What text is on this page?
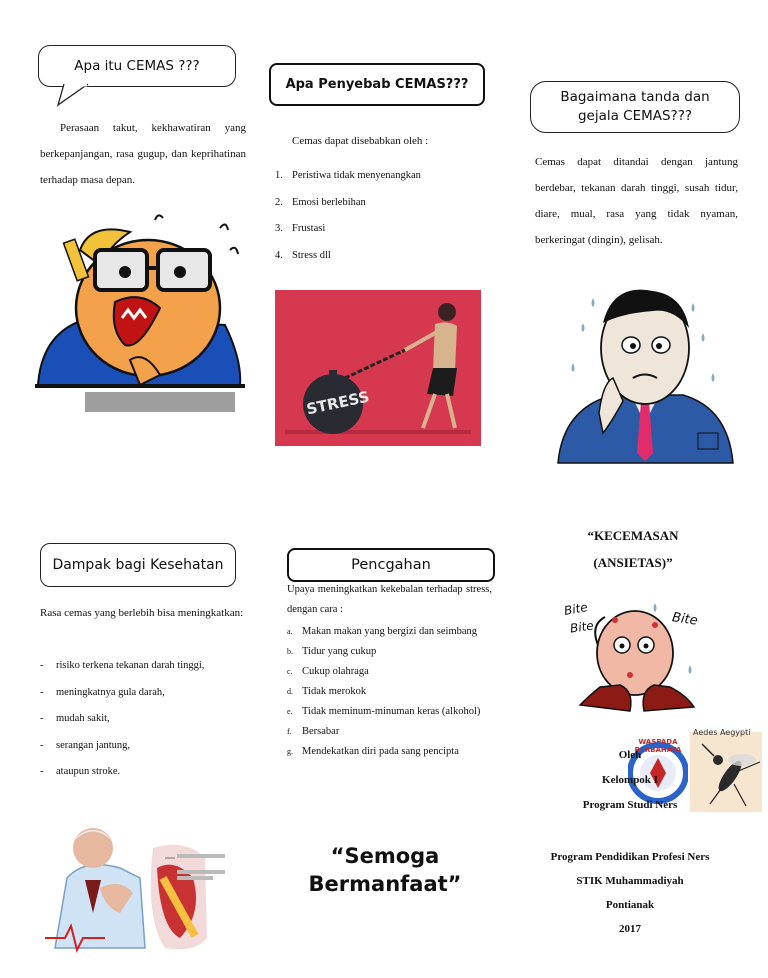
Apa itu CEMAS ???
Perasaan takut, kekhawatiran yang berkepanjangan, rasa gugup, dan keprihatinan terhadap masa depan.
Dampak bagi Kesehatan
Rasa cemas yang berlebih bisa meningkatkan:
- risiko terkena tekanan darah tinggi,
- meningkatnya gula darah,
- mudah sakit,
- serangan jantung,
- ataupun stroke.
Apa Penyebab CEMAS???
Cemas dapat disebabkan oleh :
1. Peristiwa tidak menyenangkan
2. Emosi berlebihan
3. Frustasi
4. Stress dll
STRESS
Pencgahan
Upaya meningkatkan kekebalan terhadap stress, dengan cara :
a. Makan makan yang bergizi dan seimbang
b. Tidur yang cukup
c. Cukup olahraga
d. Tidak merokok
e. Tidak meminum-minuman keras (alkohol)
f. Bersabar
g. Mendekatkan diri pada sang pencipta
“Semoga Bermanfaat”
Bagaimana tanda dan gejala CEMAS???
Cemas dapat ditandai dengan jantung berdebar, tekanan darah tinggi, susah tidur, diare, mual, rasa yang tidak nyaman, berkeringat (dingin), gelisah.
“KECEMASAN
(ANSIETAS)”
Bite
Bite	Bite
WASPADA BERBAHAYA
Aedes Aegypti
Oleh
Kelompok I
Program Studi Ners
Program Pendidikan Profesi Ners
STIK Muhammadiyah
Pontianak
2017
